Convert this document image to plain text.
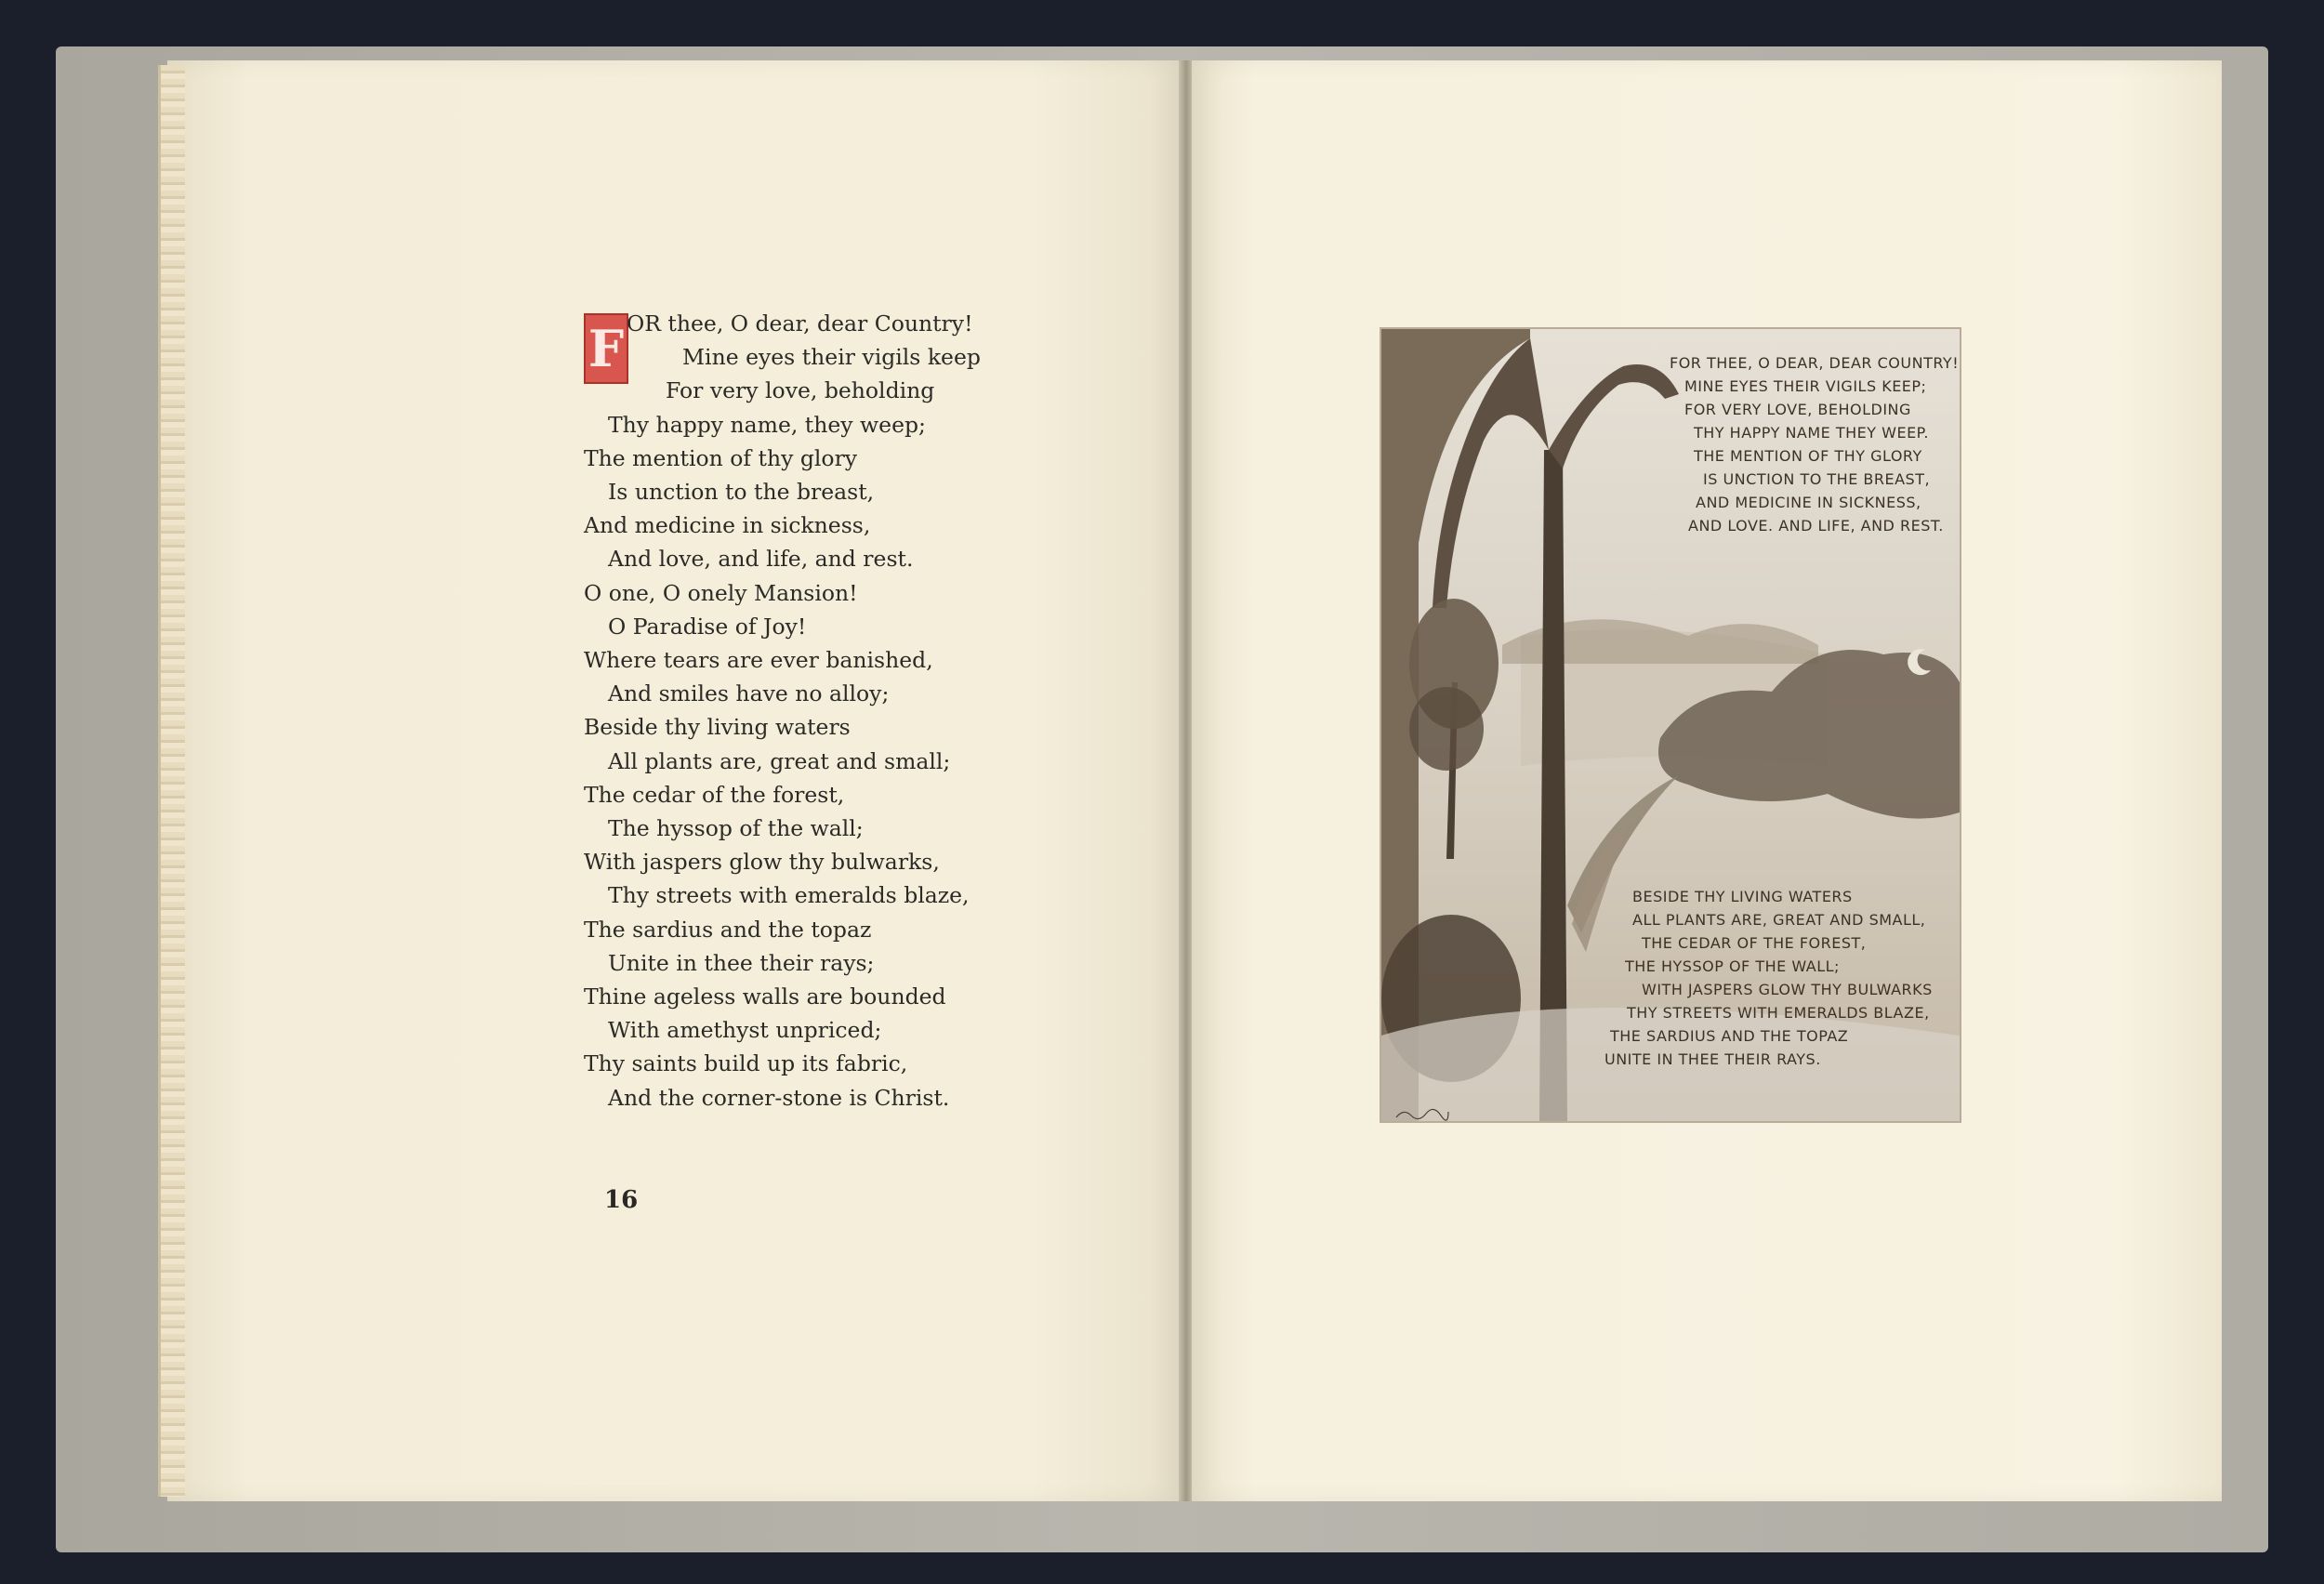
F OR thee, O dear, dear Country!
Mine eyes their vigils keep
For very love, beholding
Thy happy name, they weep;
The mention of thy glory
Is unction to the breast,
And medicine in sickness,
And love, and life, and rest.
O one, O onely Mansion!
O Paradise of Joy!
Where tears are ever banished,
And smiles have no alloy;
Beside thy living waters
All plants are, great and small;
The cedar of the forest,
The hyssop of the wall;
With jaspers glow thy bulwarks,
Thy streets with emeralds blaze,
The sardius and the topaz
Unite in thee their rays;
Thine ageless walls are bounded
With amethyst unpriced;
Thy saints build up its fabric,
And the corner-stone is Christ.
16
FOR THEE, O DEAR, DEAR COUNTRY!
MINE EYES THEIR VIGILS KEEP;
FOR VERY LOVE, BEHOLDING
THY HAPPY NAME THEY WEEP.
THE MENTION OF THY GLORY
IS UNCTION TO THE BREAST,
AND MEDICINE IN SICKNESS,
AND LOVE. AND LIFE, AND REST.
BESIDE THY LIVING WATERS
ALL PLANTS ARE, GREAT AND SMALL,
THE CEDAR OF THE FOREST,
THE HYSSOP OF THE WALL;
WITH JASPERS GLOW THY BULWARKS
THY STREETS WITH EMERALDS BLAZE,
THE SARDIUS AND THE TOPAZ
UNITE IN THEE THEIR RAYS.
